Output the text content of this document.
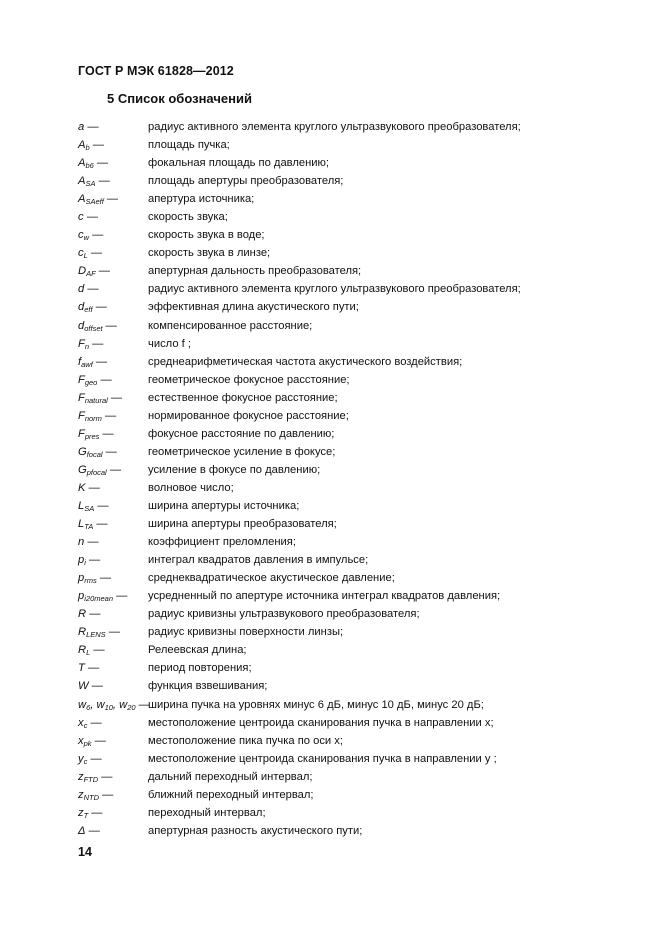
ГОСТ Р МЭК 61828—2012
5 Список обозначений
a —	радиус активного элемента круглого ультразвукового преобразователя;
$A_b$ —	площадь пучка;
$A_{b6}$ —	фокальная площадь по давлению;
$A_{SA}$ —	площадь апертуры преобразователя;
$A_{SAeff}$ —	апертура источника;
c —	скорость звука;
$c_w$ —	скорость звука в воде;
$c_L$ —	скорость звука в линзе;
$D_{AF}$ —	апертурная дальность преобразователя;
d —	радиус активного элемента круглого ультразвукового преобразователя;
$d_{eff}$ —	эффективная длина акустического пути;
$d_{offset}$ —	компенсированное расстояние;
$F_n$ —	число f ;
$f_{awf}$ —	среднеарифметическая частота акустического воздействия;
$F_{geo}$ —	геометрическое фокусное расстояние;
$F_{natural}$ — естественное фокусное расстояние;
$F_{norm}$ —	нормированное фокусное расстояние;
$F_{pres}$ —	фокусное расстояние по давлению;
$G_{focal}$ —	геометрическое усиление в фокусе;
$G_{pfocal}$ — усиление в фокусе по давлению;
K —	волновое число;
$L_{SA}$ —	ширина апертуры источника;
$L_{TA}$ —	ширина апертуры преобразователя;
n —	коэффициент преломления;
$p_i$ —	интеграл квадратов давления в импульсе;
$p_{rms}$ —	среднеквадратическое акустическое давление;
$p_{i20mean}$ — усредненный по апертуре источника интеграл квадратов давления;
R —	радиус кривизны ультразвукового преобразователя;
$R_{LENS}$ —	радиус кривизны поверхности линзы;
$R_L$ —	Релеевская длина;
T —	период повторения;
W —	функция взвешивания;
$w_6$, $w_{10}$, $w_{20}$ —
ширина пучка на уровнях минус 6 дБ, минус 10 дБ, минус 20 дБ;
$x_c$ —	местоположение центроида сканирования пучка в направлении x;
$x_{pk}$ —	местоположение пика пучка по оси x;
$y_c$ —	местоположение центроида сканирования пучка в направлении y ;
$z_{FTD}$ —	дальний переходный интервал;
$z_{NTD}$ —	ближний переходный интервал;
$z_T$ —	переходный интервал;
Δ —	апертурная разность акустического пути;
14
